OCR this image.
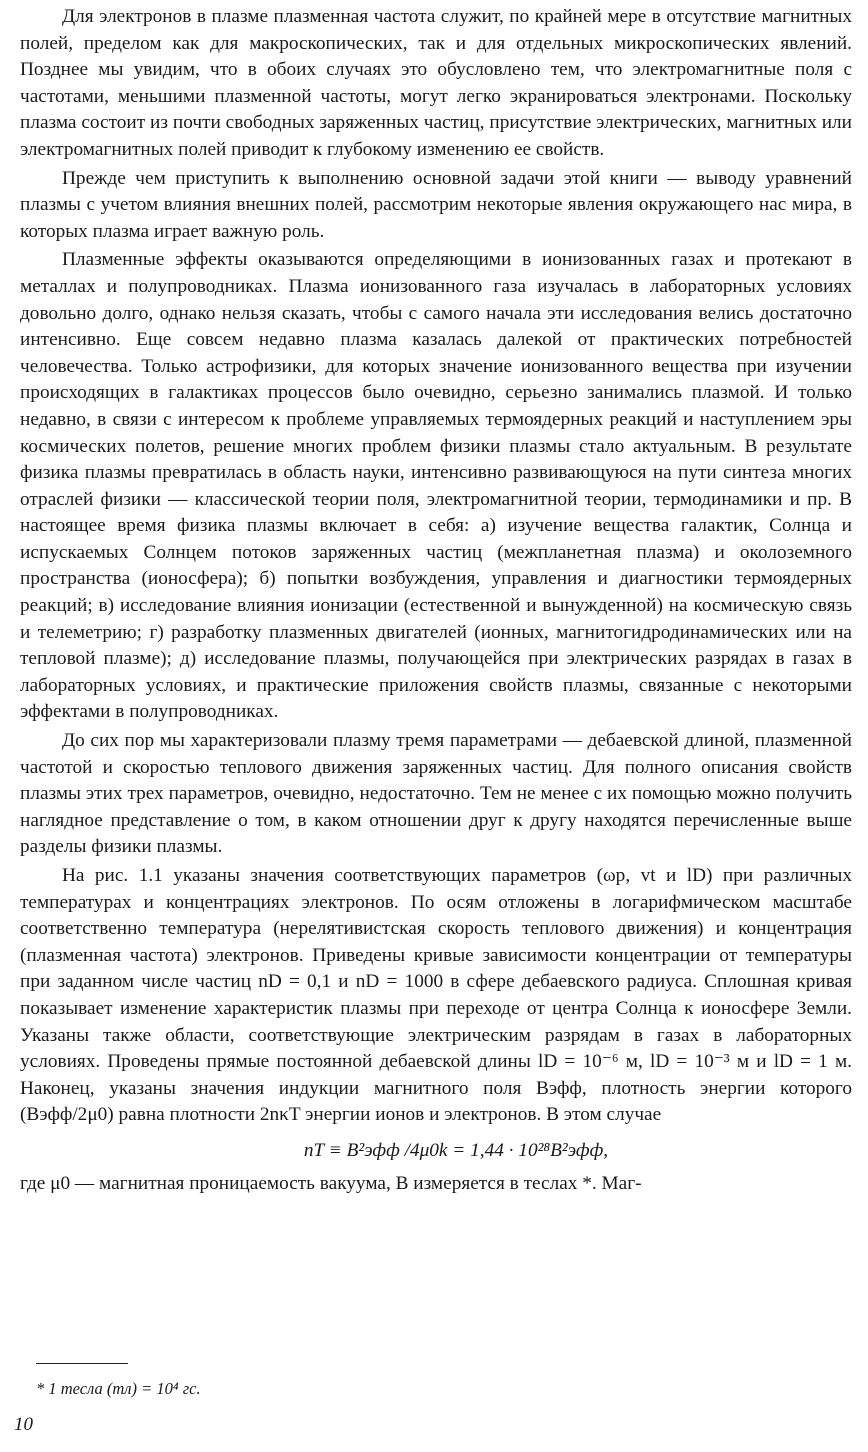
Для электронов в плазме плазменная частота служит, по крайней мере в отсутствие магнитных полей, пределом как для макроскопических, так и для отдельных микроскопических явлений. Позднее мы увидим, что в обоих случаях это обусловлено тем, что электромагнитные поля с частотами, меньшими плазменной частоты, могут легко экранироваться электронами. Поскольку плазма состоит из почти свободных заряженных частиц, присутствие электрических, магнитных или электромагнитных полей приводит к глубокому изменению ее свойств.

Прежде чем приступить к выполнению основной задачи этой книги — выводу уравнений плазмы с учетом влияния внешних полей, рассмотрим некоторые явления окружающего нас мира, в которых плазма играет важную роль.

Плазменные эффекты оказываются определяющими в ионизованных газах и протекают в металлах и полупроводниках. Плазма ионизованного газа изучалась в лабораторных условиях довольно долго, однако нельзя сказать, чтобы с самого начала эти исследования велись достаточно интенсивно. Еще совсем недавно плазма казалась далекой от практических потребностей человечества. Только астрофизики, для которых значение ионизованного вещества при изучении происходящих в галактиках процессов было очевидно, серьезно занимались плазмой. И только недавно, в связи с интересом к проблеме управляемых термоядерных реакций и наступлением эры космических полетов, решение многих проблем физики плазмы стало актуальным. В результате физика плазмы превратилась в область науки, интенсивно развивающуюся на пути синтеза многих отраслей физики — классической теории поля, электромагнитной теории, термодинамики и пр. В настоящее время физика плазмы включает в себя: а) изучение вещества галактик, Солнца и испускаемых Солнцем потоков заряженных частиц (межпланетная плазма) и околоземного пространства (ионосфера); б) попытки возбуждения, управления и диагностики термоядерных реакций; в) исследование влияния ионизации (естественной и вынужденной) на космическую связь и телеметрию; г) разработку плазменных двигателей (ионных, магнитогидродинамических или на тепловой плазме); д) исследование плазмы, получающейся при электрических разрядах в газах в лабораторных условиях, и практические приложения свойств плазмы, связанные с некоторыми эффектами в полупроводниках.

До сих пор мы характеризовали плазму тремя параметрами — дебаевской длиной, плазменной частотой и скоростью теплового движения заряженных частиц. Для полного описания свойств плазмы этих трех параметров, очевидно, недостаточно. Тем не менее с их помощью можно получить наглядное представление о том, в каком отношении друг к другу находятся перечисленные выше разделы физики плазмы.

На рис. 1.1 указаны значения соответствующих параметров (ωp, vt и lD) при различных температурах и концентрациях электронов. По осям отложены в логарифмическом масштабе соответственно температура (нерелятивистская скорость теплового движения) и концентрация (плазменная частота) электронов. Приведены кривые зависимости концентрации от температуры при заданном числе частиц nD = 0,1 и nD = 1000 в сфере дебаевского радиуса. Сплошная кривая показывает изменение характеристик плазмы при переходе от центра Солнца к ионосфере Земли. Указаны также области, соответствующие электрическим разрядам в газах в лабораторных условиях. Проведены прямые постоянной дебаевской длины lD = 10⁻⁶ м, lD = 10⁻³ м и lD = 1 м. Наконец, указаны значения индукции магнитного поля Bэфф, плотность энергии которого (Bэфф/2μ0) равна плотности 2nκT энергии ионов и электронов. В этом случае

nT ≡ B²эфф /4μ0k = 1,44 · 10²⁸B²эфф,

где μ0 — магнитная проницаемость вакуума, B измеряется в теслах *. Маг-

* 1 тесла (тл) = 10⁴ гс.
10
